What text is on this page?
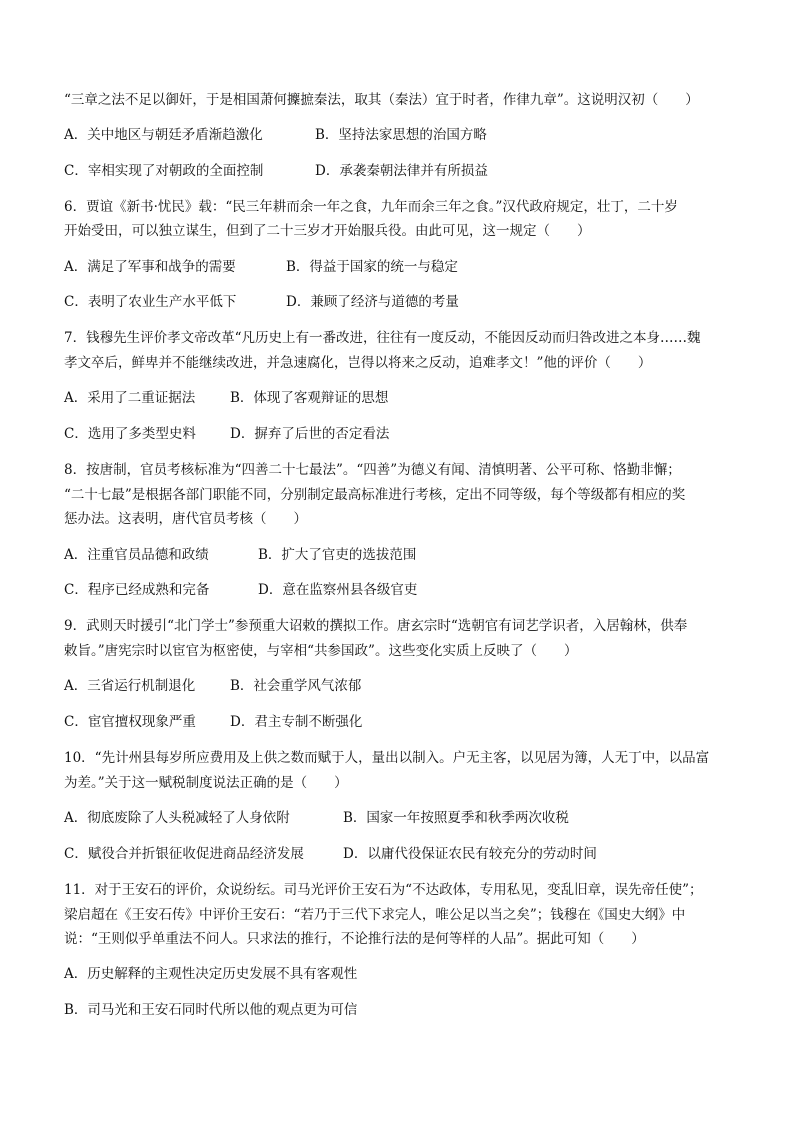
“三章之法不足以御奸，于是相国萧何攈摭秦法，取其（秦法）宜于时者，作律九章”。这说明汉初（　　）
A．关中地区与朝廷矛盾渐趋激化	B．坚持法家思想的治国方略
C．宰相实现了对朝政的全面控制	D．承袭秦朝法律并有所损益
6．贾谊《新书·忧民》载：“民三年耕而余一年之食，九年而余三年之食。”汉代政府规定，壮丁，二十岁
开始受田，可以独立谋生，但到了二十三岁才开始服兵役。由此可见，这一规定（　　）
A．满足了军事和战争的需要	B．得益于国家的统一与稳定
C．表明了农业生产水平低下	D．兼顾了经济与道德的考量
7．钱穆先生评价孝文帝改革“凡历史上有一番改进，往往有一度反动，不能因反动而归咎改进之本身……魏
孝文卒后，鲜卑并不能继续改进，并急速腐化，岂得以将来之反动，追难孝文！”他的评价（　　）
A．采用了二重证据法	B．体现了客观辩证的思想
C．选用了多类型史料	D．摒弃了后世的否定看法
8．按唐制，官员考核标准为“四善二十七最法”。“四善”为德义有闻、清慎明著、公平可称、恪勤非懈；
“二十七最”是根据各部门职能不同，分别制定最高标准进行考核，定出不同等级，每个等级都有相应的奖
惩办法。这表明，唐代官员考核（　　）
A．注重官员品德和政绩	B．扩大了官吏的选拔范围
C．程序已经成熟和完备	D．意在监察州县各级官吏
9．武则天时援引“北门学士”参预重大诏敕的撰拟工作。唐玄宗时“选朝官有词艺学识者，入居翰林，供奉
敕旨。”唐宪宗时以宦官为枢密使，与宰相“共参国政”。这些变化实质上反映了（　　）
A．三省运行机制退化	B．社会重学风气浓郁
C．宦官擅权现象严重	D．君主专制不断强化
10．“先计州县每岁所应费用及上供之数而赋于人，量出以制入。户无主客，以见居为簿，人无丁中，以品富
为差。”关于这一赋税制度说法正确的是（　　）
A．彻底废除了人头税减轻了人身依附	B．国家一年按照夏季和秋季两次收税
C．赋役合并折银征收促进商品经济发展	D．以庸代役保证农民有较充分的劳动时间
11．对于王安石的评价，众说纷纭。司马光评价王安石为“不达政体，专用私见，变乱旧章，误先帝任使”；
梁启超在《王安石传》中评价王安石：“若乃于三代下求完人，唯公足以当之矣”；钱穆在《国史大纲》中
说：“王则似乎单重法不问人。只求法的推行，不论推行法的是何等样的人品”。据此可知（　　）
A．历史解释的主观性决定历史发展不具有客观性
B．司马光和王安石同时代所以他的观点更为可信
